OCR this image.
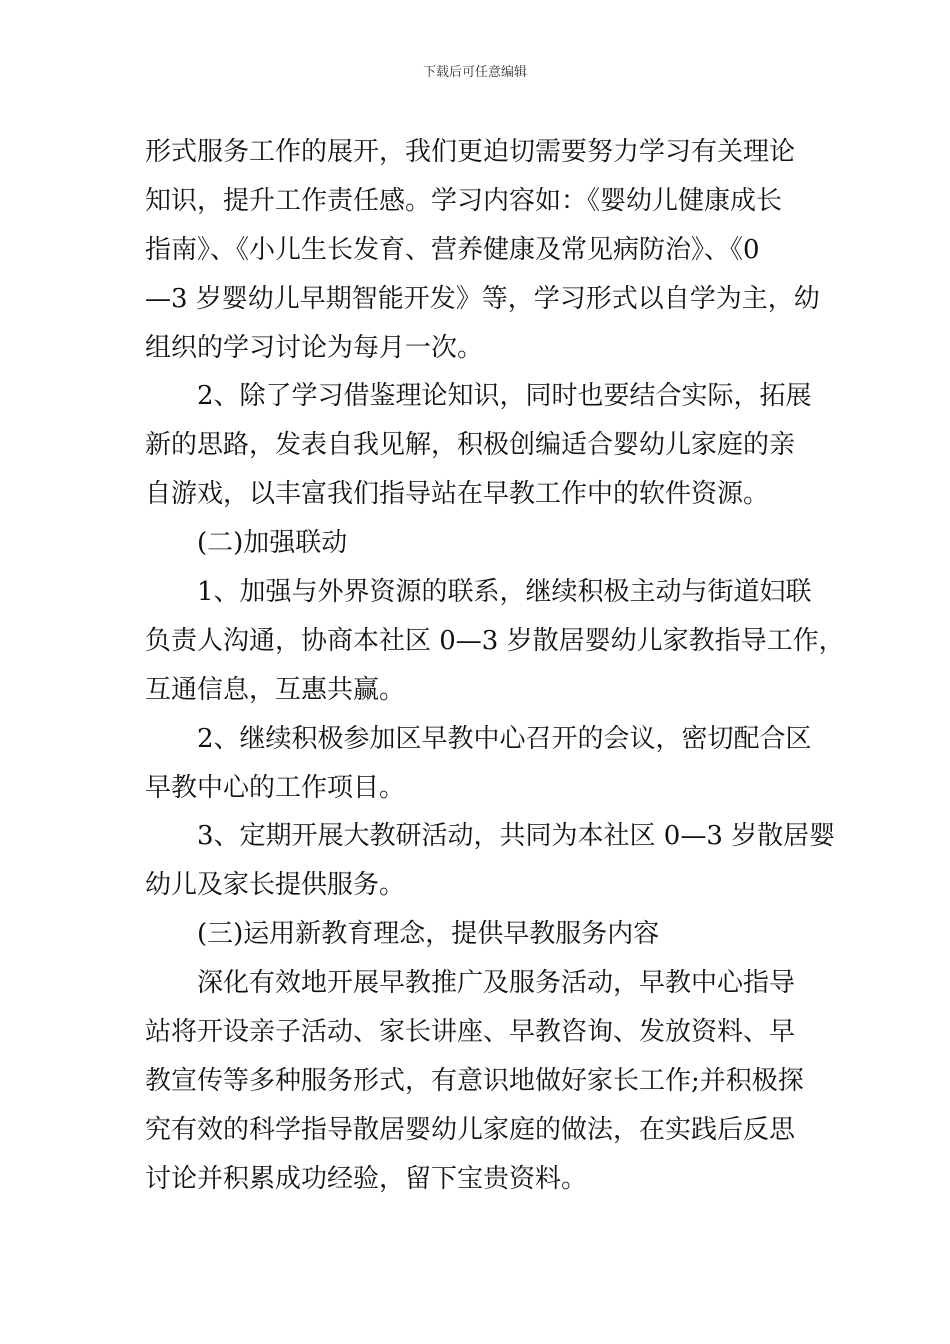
下载后可任意编辑
形式服务工作的展开，我们更迫切需要努力学习有关理论
知识，提升工作责任感。学习内容如：《婴幼儿健康成长
指南》、《小儿生长发育、营养健康及常见病防治》、《0
—3 岁婴幼儿早期智能开发》等，学习形式以自学为主，幼
组织的学习讨论为每月一次。
2、除了学习借鉴理论知识，同时也要结合实际，拓展
新的思路，发表自我见解，积极创编适合婴幼儿家庭的亲
自游戏，以丰富我们指导站在早教工作中的软件资源。
(二)加强联动
1、加强与外界资源的联系，继续积极主动与街道妇联
负责人沟通，协商本社区 0—3 岁散居婴幼儿家教指导工作，
互通信息，互惠共赢。
2、继续积极参加区早教中心召开的会议，密切配合区
早教中心的工作项目。
3、定期开展大教研活动，共同为本社区 0—3 岁散居婴
幼儿及家长提供服务。
(三)运用新教育理念，提供早教服务内容
深化有效地开展早教推广及服务活动，早教中心指导
站将开设亲子活动、家长讲座、早教咨询、发放资料、早
教宣传等多种服务形式，有意识地做好家长工作;并积极探
究有效的科学指导散居婴幼儿家庭的做法，在实践后反思
讨论并积累成功经验，留下宝贵资料。
